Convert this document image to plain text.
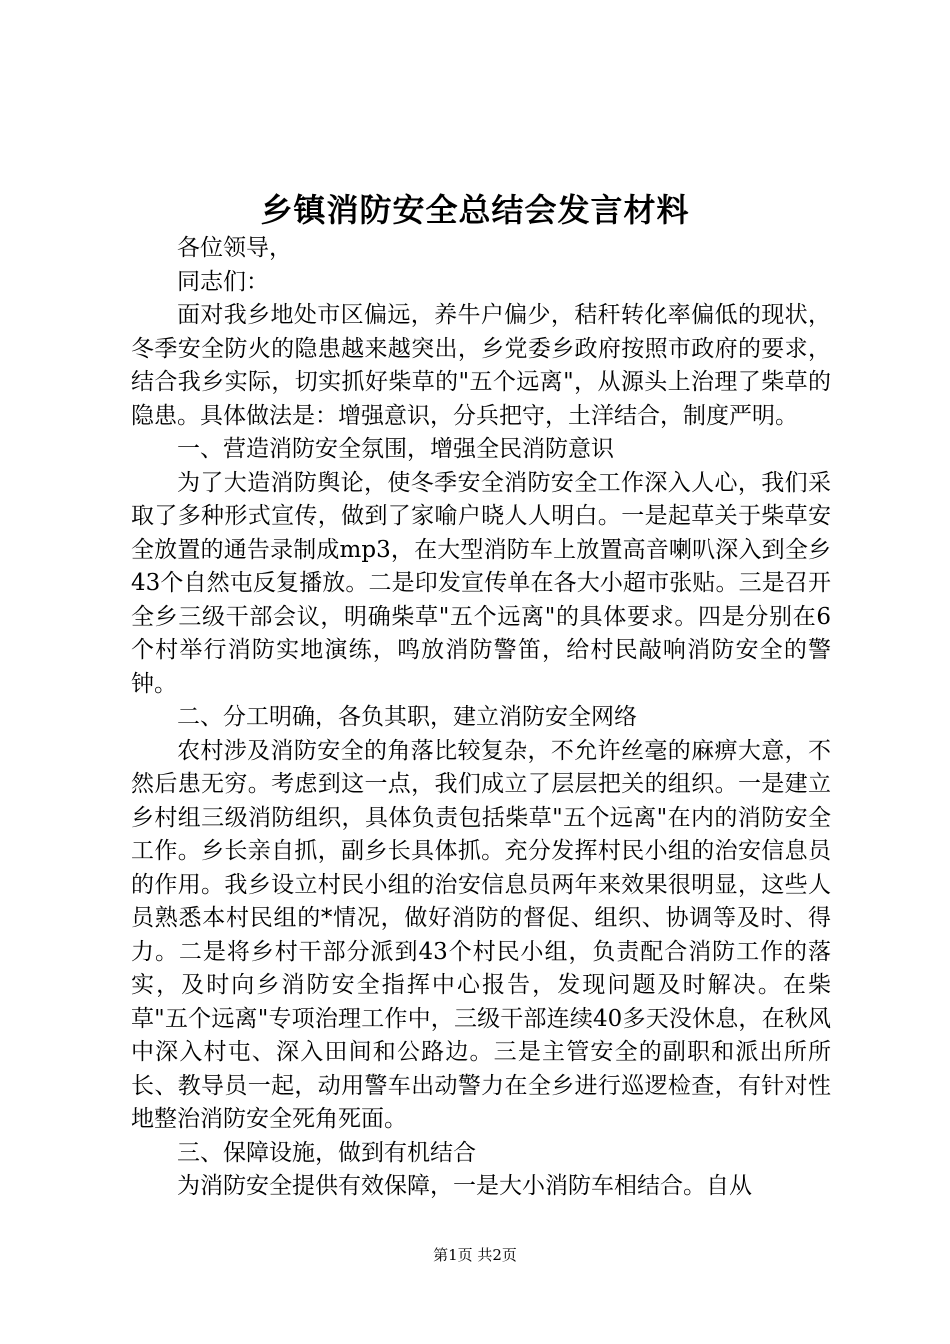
乡镇消防安全总结会发言材料

各位领导，

同志们：

面对我乡地处市区偏远，养牛户偏少，秸秆转化率偏低的现状，冬季安全防火的隐患越来越突出，乡党委乡政府按照市政府的要求，结合我乡实际，切实抓好柴草的"五个远离"，从源头上治理了柴草的隐患。具体做法是：增强意识，分兵把守，土洋结合，制度严明。

一、营造消防安全氛围，增强全民消防意识

为了大造消防舆论，使冬季安全消防安全工作深入人心，我们采取了多种形式宣传，做到了家喻户晓人人明白。一是起草关于柴草安全放置的通告录制成mp3，在大型消防车上放置高音喇叭深入到全乡43个自然屯反复播放。二是印发宣传单在各大小超市张贴。三是召开全乡三级干部会议，明确柴草"五个远离"的具体要求。四是分别在6个村举行消防实地演练，鸣放消防警笛，给村民敲响消防安全的警钟。

二、分工明确，各负其职，建立消防安全网络

农村涉及消防安全的角落比较复杂，不允许丝毫的麻痹大意，不然后患无穷。考虑到这一点，我们成立了层层把关的组织。一是建立乡村组三级消防组织，具体负责包括柴草"五个远离"在内的消防安全工作。乡长亲自抓，副乡长具体抓。充分发挥村民小组的治安信息员的作用。我乡设立村民小组的治安信息员两年来效果很明显，这些人员熟悉本村民组的*情况，做好消防的督促、组织、协调等及时、得力。二是将乡村干部分派到43个村民小组，负责配合消防工作的落实，及时向乡消防安全指挥中心报告，发现问题及时解决。在柴草"五个远离"专项治理工作中，三级干部连续40多天没休息，在秋风中深入村屯、深入田间和公路边。三是主管安全的副职和派出所所长、教导员一起，动用警车出动警力在全乡进行巡逻检查，有针对性地整治消防安全死角死面。

三、保障设施，做到有机结合

为消防安全提供有效保障，一是大小消防车相结合。自从

第1页 共2页
